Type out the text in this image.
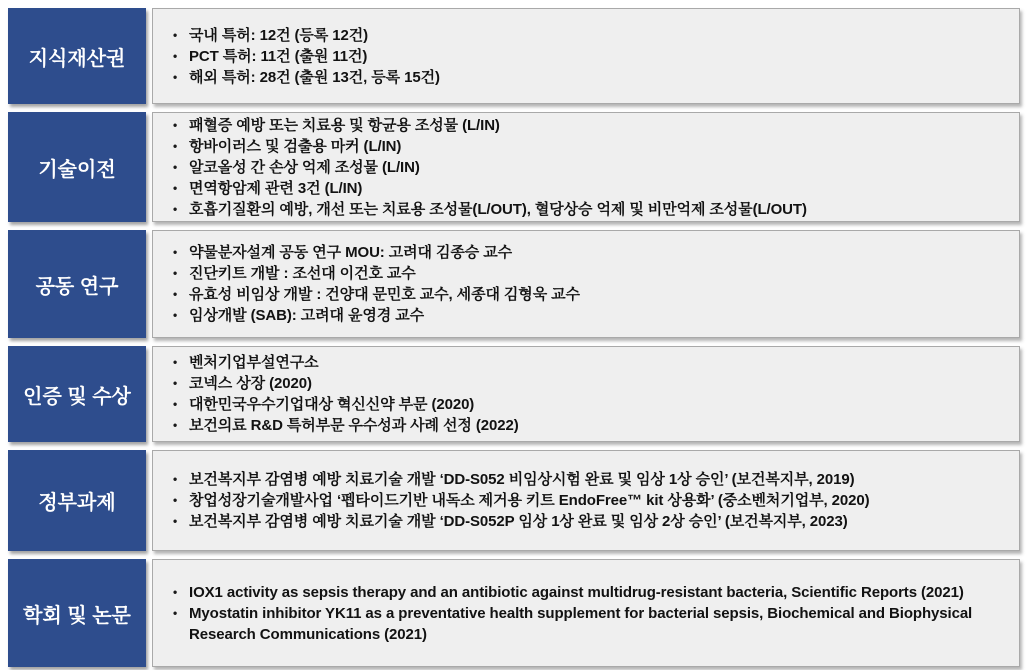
지식재산권
• 국내 특허: 12건 (등록 12건)
• PCT 특허: 11건 (출원 11건)
• 해외 특허: 28건 (출원 13건, 등록 15건)
기술이전
• 패혈증 예방 또는 치료용 및 항균용 조성물 (L/IN)
• 항바이러스 및 검출용 마커 (L/IN)
• 알코올성 간 손상 억제 조성물 (L/IN)
• 면역항암제 관련 3건 (L/IN)
• 호흡기질환의 예방, 개선 또는 치료용 조성물(L/OUT), 혈당상승 억제 및 비만억제 조성물(L/OUT)
공동 연구
• 약물분자설계 공동 연구 MOU: 고려대 김종승 교수
• 진단키트 개발 : 조선대 이건호 교수
• 유효성 비임상 개발 : 건양대 문민호 교수, 세종대 김형욱 교수
• 임상개발 (SAB): 고려대 윤영경 교수
인증 및 수상
• 벤처기업부설연구소
• 코넥스 상장 (2020)
• 대한민국우수기업대상 혁신신약 부문 (2020)
• 보건의료 R&D 특허부문 우수성과 사례 선정 (2022)
정부과제
• 보건복지부 감염병 예방 치료기술 개발 ‘DD-S052 비임상시험 완료 및 임상 1상 승인’ (보건복지부, 2019)
• 창업성장기술개발사업 ‘펩타이드기반 내독소 제거용 키트 EndoFree™ kit 상용화’ (중소벤처기업부, 2020)
• 보건복지부 감염병 예방 치료기술 개발 ‘DD-S052P 임상 1상 완료 및 임상 2상 승인’ (보건복지부, 2023)
학회 및 논문
• IOX1 activity as sepsis therapy and an antibiotic against multidrug-resistant bacteria, Scientific Reports (2021)
• Myostatin inhibitor YK11 as a preventative health supplement for bacterial sepsis, Biochemical and Biophysical Research Communications (2021)
